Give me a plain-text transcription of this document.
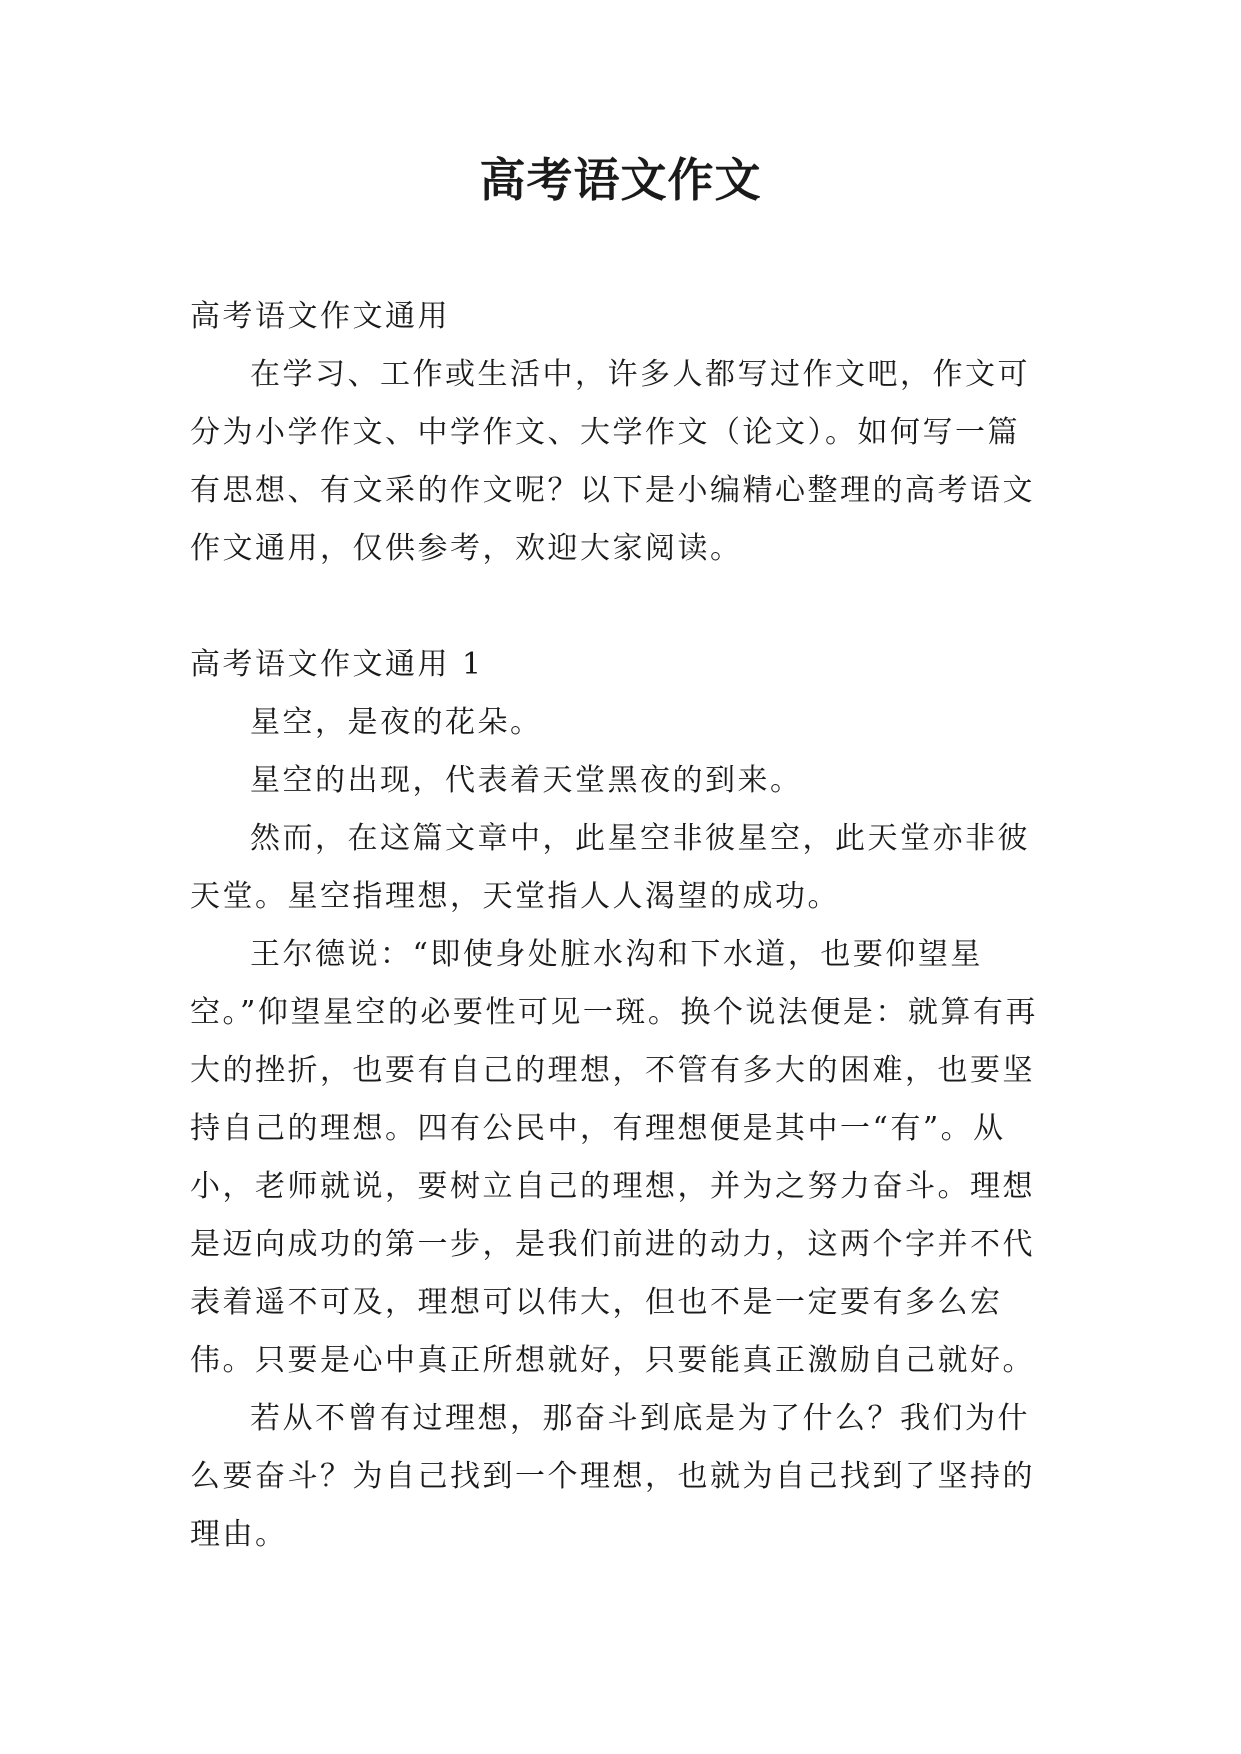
高考语文作文

高考语文作文通用

在学习、工作或生活中，许多人都写过作文吧，作文可分为小学作文、中学作文、大学作文（论文）。如何写一篇有思想、有文采的作文呢？以下是小编精心整理的高考语文作文通用，仅供参考，欢迎大家阅读。

高考语文作文通用 1

星空，是夜的花朵。

星空的出现，代表着天堂黑夜的到来。

然而，在这篇文章中，此星空非彼星空，此天堂亦非彼天堂。星空指理想，天堂指人人渴望的成功。

王尔德说：“即使身处脏水沟和下水道，也要仰望星空。”仰望星空的必要性可见一斑。换个说法便是：就算有再大的挫折，也要有自己的理想，不管有多大的困难，也要坚持自己的理想。四有公民中，有理想便是其中一“有”。从小，老师就说，要树立自己的理想，并为之努力奋斗。理想是迈向成功的第一步，是我们前进的动力，这两个字并不代表着遥不可及，理想可以伟大，但也不是一定要有多么宏伟。只要是心中真正所想就好，只要能真正激励自己就好。

若从不曾有过理想，那奋斗到底是为了什么？我们为什么要奋斗？为自己找到一个理想，也就为自己找到了坚持的理由。
